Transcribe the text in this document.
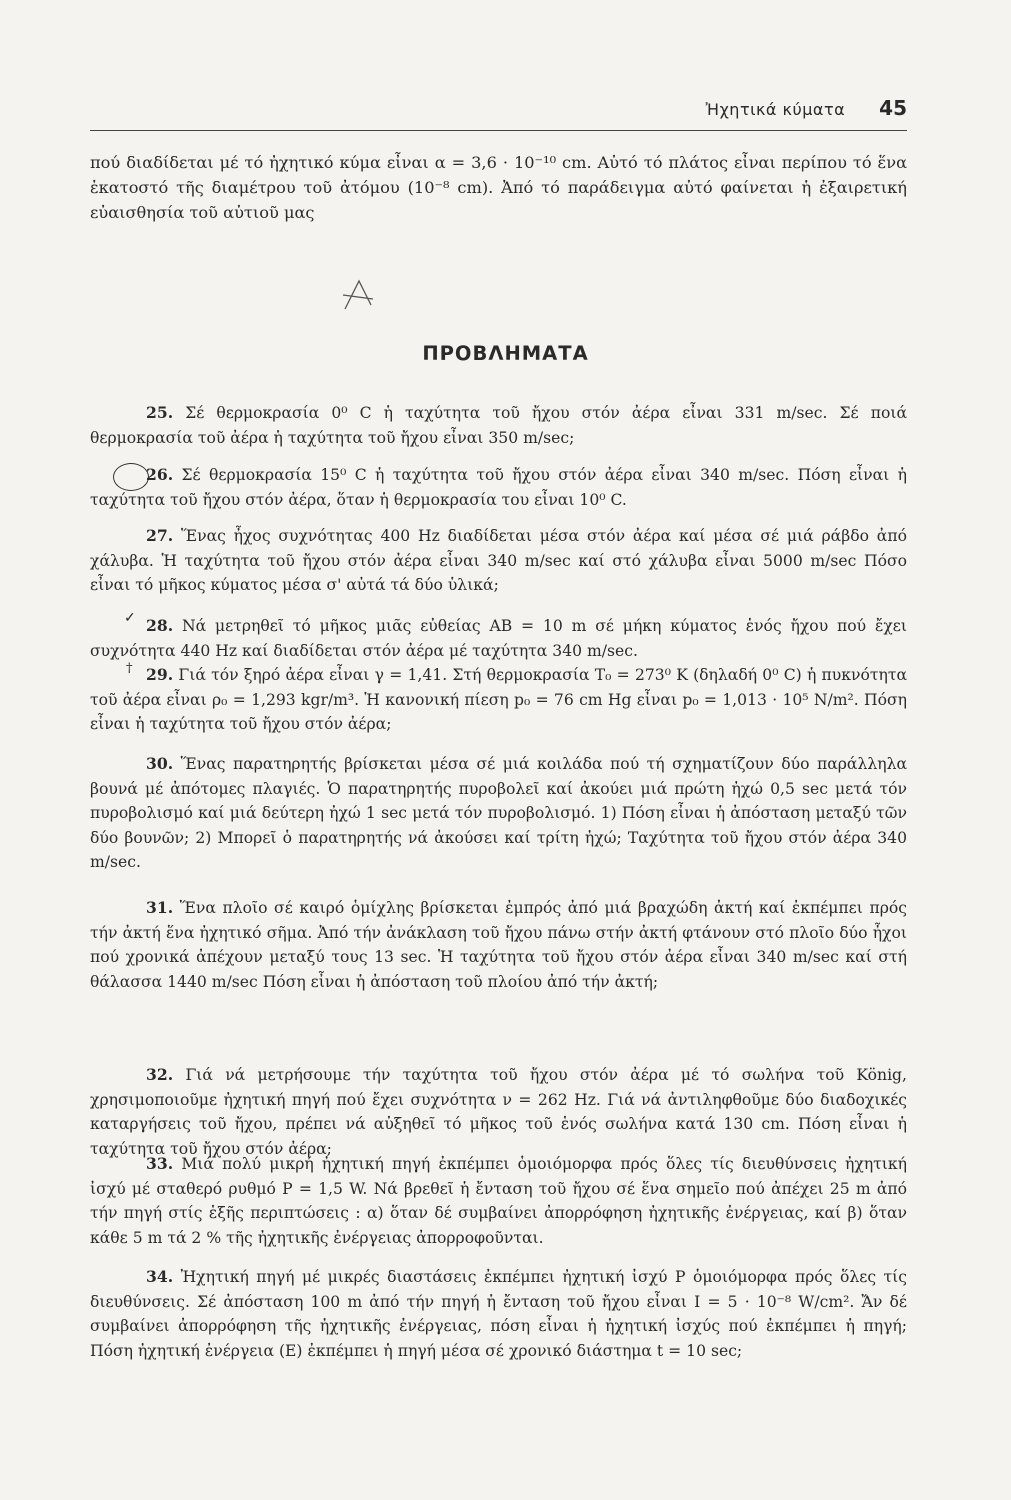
Ἠχητικά κύματα 45
πού διαδίδεται μέ τό ἠχητικό κύμα εἶναι α = 3,6 · 10⁻¹⁰ cm. Αὐτό τό πλάτος εἶναι περίπου τό ἕνα ἑκατοστό τῆς διαμέτρου τοῦ ἀτόμου (10⁻⁸ cm). Ἀπό τό παράδειγμα αὐτό φαίνεται ἡ ἐξαιρετική εὐαισθησία τοῦ αὐτιοῦ μας
ΠΡΟΒΛΗΜΑΤΑ
✓
†
25. Σέ θερμοκρασία 0⁰ C ἡ ταχύτητα τοῦ ἤχου στόν ἀέρα εἶναι 331 m/sec. Σέ ποιά θερμοκρασία τοῦ ἀέρα ἡ ταχύτητα τοῦ ἤχου εἶναι 350 m/sec;
26. Σέ θερμοκρασία 15⁰ C ἡ ταχύτητα τοῦ ἤχου στόν ἀέρα εἶναι 340 m/sec. Πόση εἶναι ἡ ταχύτητα τοῦ ἤχου στόν ἀέρα, ὅταν ἡ θερμοκρασία του εἶναι 10⁰ C.
27. Ἕνας ἦχος συχνότητας 400 Hz διαδίδεται μέσα στόν ἀέρα καί μέσα σέ μιά ράβδο ἀπό χάλυβα. Ἡ ταχύτητα τοῦ ἤχου στόν ἀέρα εἶναι 340 m/sec καί στό χάλυβα εἶναι 5000 m/sec Πόσο εἶναι τό μῆκος κύματος μέσα σ' αὐτά τά δύο ὑλικά;
28. Νά μετρηθεῖ τό μῆκος μιᾶς εὐθείας AB = 10 m σέ μήκη κύματος ἑνός ἤχου πού ἔχει συχνότητα 440 Hz καί διαδίδεται στόν ἀέρα μέ ταχύτητα 340 m/sec.
29. Γιά τόν ξηρό ἀέρα εἶναι γ = 1,41. Στή θερμοκρασία T₀ = 273⁰ K (δηλαδή 0⁰ C) ἡ πυκνότητα τοῦ ἀέρα εἶναι ρ₀ = 1,293 kgr/m³. Ἡ κανονική πίεση p₀ = 76 cm Hg εἶναι p₀ = 1,013 · 10⁵ N/m². Πόση εἶναι ἡ ταχύτητα τοῦ ἤχου στόν ἀέρα;
30. Ἕνας παρατηρητής βρίσκεται μέσα σέ μιά κοιλάδα πού τή σχηματίζουν δύο παράλληλα βουνά μέ ἀπότομες πλαγιές. Ὁ παρατηρητής πυροβολεῖ καί ἀκούει μιά πρώτη ἠχώ 0,5 sec μετά τόν πυροβολισμό καί μιά δεύτερη ἠχώ 1 sec μετά τόν πυροβολισμό. 1) Πόση εἶναι ἡ ἀπόσταση μεταξύ τῶν δύο βουνῶν; 2) Μπορεῖ ὁ παρατηρητής νά ἀκούσει καί τρίτη ἠχώ; Ταχύτητα τοῦ ἤχου στόν ἀέρα 340 m/sec.
31. Ἕνα πλοῖο σέ καιρό ὁμίχλης βρίσκεται ἐμπρός ἀπό μιά βραχώδη ἀκτή καί ἐκπέμπει πρός τήν ἀκτή ἕνα ἠχητικό σῆμα. Ἀπό τήν ἀνάκλαση τοῦ ἤχου πάνω στήν ἀκτή φτάνουν στό πλοῖο δύο ἦχοι πού χρονικά ἀπέχουν μεταξύ τους 13 sec. Ἡ ταχύτητα τοῦ ἤχου στόν ἀέρα εἶναι 340 m/sec καί στή θάλασσα 1440 m/sec Πόση εἶναι ἡ ἀπόσταση τοῦ πλοίου ἀπό τήν ἀκτή;
32. Γιά νά μετρήσουμε τήν ταχύτητα τοῦ ἤχου στόν ἀέρα μέ τό σωλήνα τοῦ König, χρησιμοποιοῦμε ἠχητική πηγή πού ἔχει συχνότητα ν = 262 Hz. Γιά νά ἀντιληφθοῦμε δύο διαδοχικές καταργήσεις τοῦ ἤχου, πρέπει νά αὐξηθεῖ τό μῆκος τοῦ ἑνός σωλήνα κατά 130 cm. Πόση εἶναι ἡ ταχύτητα τοῦ ἤχου στόν ἀέρα;
33. Μιά πολύ μικρή ἠχητική πηγή ἐκπέμπει ὁμοιόμορφα πρός ὅλες τίς διευθύνσεις ἠχητική ἰσχύ μέ σταθερό ρυθμό P = 1,5 W. Νά βρεθεῖ ἡ ἔνταση τοῦ ἤχου σέ ἕνα σημεῖο πού ἀπέχει 25 m ἀπό τήν πηγή στίς ἑξῆς περιπτώσεις : α) ὅταν δέ συμβαίνει ἀπορρόφηση ἠχητικῆς ἐνέργειας, καί β) ὅταν κάθε 5 m τά 2 % τῆς ἠχητικῆς ἐνέργειας ἀπορροφοῦνται.
34. Ἠχητική πηγή μέ μικρές διαστάσεις ἐκπέμπει ἠχητική ἰσχύ P ὁμοιόμορφα πρός ὅλες τίς διευθύνσεις. Σέ ἀπόσταση 100 m ἀπό τήν πηγή ἡ ἔνταση τοῦ ἤχου εἶναι I = 5 · 10⁻⁸ W/cm². Ἄν δέ συμβαίνει ἀπορρόφηση τῆς ἠχητικῆς ἐνέργειας, πόση εἶναι ἡ ἠχητική ἰσχύς πού ἐκπέμπει ἡ πηγή; Πόση ἠχητική ἐνέργεια (E) ἐκπέμπει ἡ πηγή μέσα σέ χρονικό διάστημα t = 10 sec;
